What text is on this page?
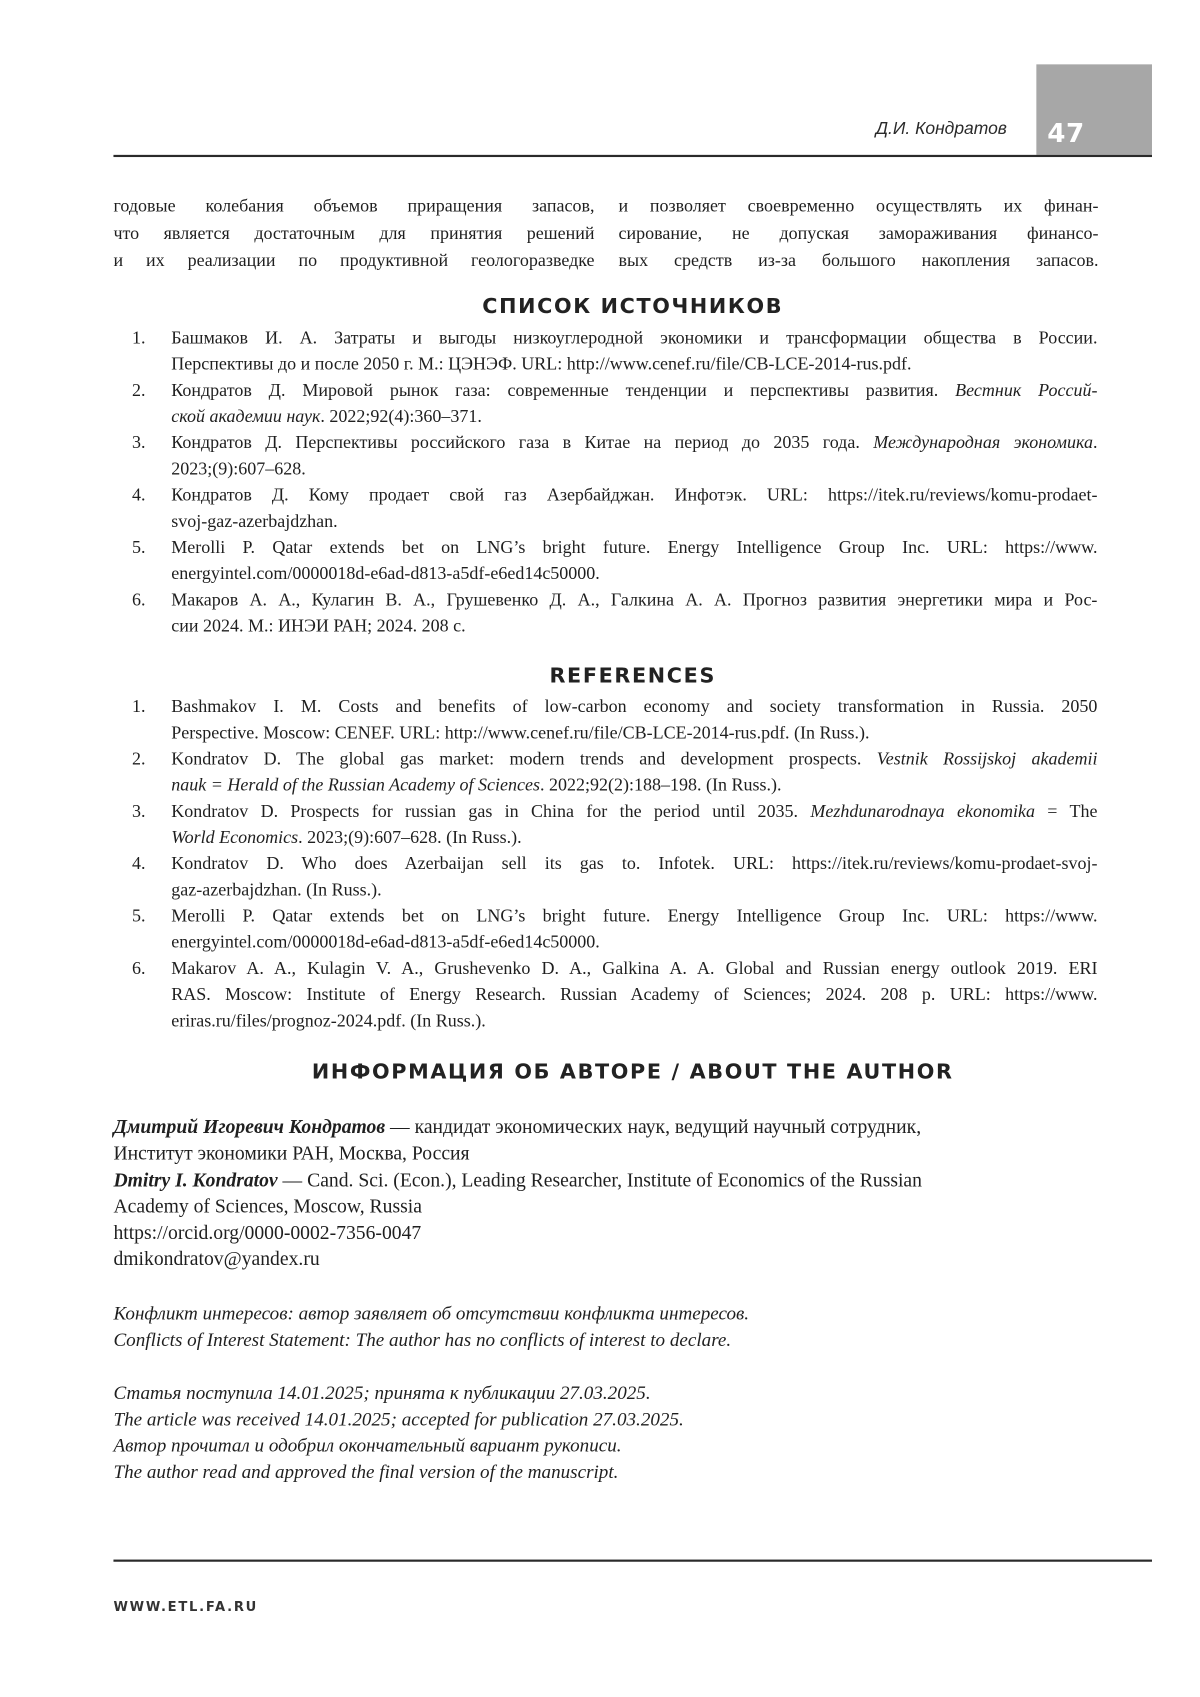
47
Д.И. Кондратов
годовые колебания объемов приращения запасов,
что является достаточным для принятия решений
и их реализации по продуктивной геологоразведке
и позволяет своевременно осуществлять их финан-
сирование, не допуская замораживания финансо-
вых средств из-за большого накопления запасов.
СПИСОК ИСТОЧНИКОВ
1. Башмаков И. А. Затраты и выгоды низкоуглеродной экономики и трансформации общества в России.
Перспективы до и после 2050 г. М.: ЦЭНЭФ. URL: http://www.cenef.ru/file/CB-LCE-2014-rus.pdf.
2. Кондратов Д. Мировой рынок газа: современные тенденции и перспективы развития. Вестник Россий-
ской академии наук. 2022;92(4):360–371.
3. Кондратов Д. Перспективы российского газа в Китае на период до 2035 года. Международная экономика.
2023;(9):607–628.
4. Кондратов Д. Кому продает свой газ Азербайджан. Инфотэк. URL: https://itek.ru/reviews/komu-prodaet-
svoj-gaz-azerbajdzhan.
5. Merolli P. Qatar extends bet on LNG’s bright future. Energy Intelligence Group Inc. URL: https://www.
energyintel.com/0000018d-e6ad-d813-a5df-e6ed14c50000.
6. Макаров А. А., Кулагин В. А., Грушевенко Д. А., Галкина А. А. Прогноз развития энергетики мира и Рос-
сии 2024. М.: ИНЭИ РАН; 2024. 208 с.
REFERENCES
1. Bashmakov I. M. Costs and benefits of low-carbon economy and society transformation in Russia. 2050
Perspective. Moscow: CENEF. URL: http://www.cenef.ru/file/CB-LCE-2014-rus.pdf. (In Russ.).
2. Kondratov D. The global gas market: modern trends and development prospects. Vestnik Rossijskoj akademii
nauk = Herald of the Russian Academy of Sciences. 2022;92(2):188–198. (In Russ.).
3. Kondratov D. Prospects for russian gas in China for the period until 2035. Mezhdunarodnaya ekonomika = The
World Economics. 2023;(9):607–628. (In Russ.).
4. Kondratov D. Who does Azerbaijan sell its gas to. Infotek. URL: https://itek.ru/reviews/komu-prodaet-svoj-
gaz-azerbajdzhan. (In Russ.).
5. Merolli P. Qatar extends bet on LNG’s bright future. Energy Intelligence Group Inc. URL: https://www.
energyintel.com/0000018d-e6ad-d813-a5df-e6ed14c50000.
6. Makarov A. A., Kulagin V. A., Grushevenko D. A., Galkina A. A. Global and Russian energy outlook 2019. ERI
RAS. Moscow: Institute of Energy Research. Russian Academy of Sciences; 2024. 208 p. URL: https://www.
eriras.ru/files/prognoz-2024.pdf. (In Russ.).
ИНФОРМАЦИЯ ОБ АВТОРЕ / ABOUT THE AUTHOR
Дмитрий Игоревич Кондратов — кандидат экономических наук, ведущий научный сотрудник,
Институт экономики РАН, Москва, Россия
Dmitry I. Kondratov — Cand. Sci. (Econ.), Leading Researcher, Institute of Economics of the Russian
Academy of Sciences, Moscow, Russia
https://orcid.org/0000-0002-7356-0047
dmikondratov@yandex.ru
Конфликт интересов: автор заявляет об отсутствии конфликта интересов.
Conflicts of Interest Statement: The author has no conflicts of interest to declare.
Статья поступила 14.01.2025; принята к публикации 27.03.2025.
The article was received 14.01.2025; accepted for publication 27.03.2025.
Автор прочитал и одобрил окончательный вариант рукописи.
The author read and approved the final version of the manuscript.
WWW.ETL.FA.RU
